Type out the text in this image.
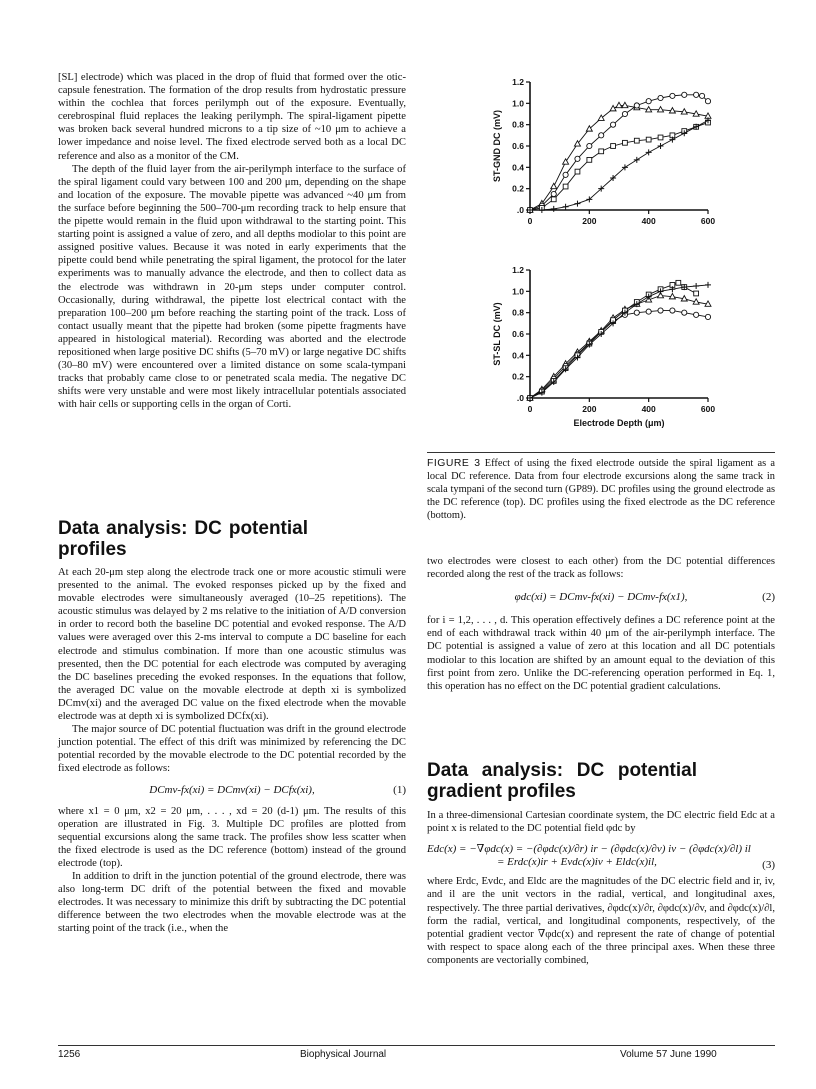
[SL] electrode) which was placed in the drop of fluid that formed over the otic-capsule fenestration. The formation of the drop results from hydrostatic pressure within the cochlea that forces perilymph out of the exposure. Eventually, cerebrospinal fluid replaces the leaking perilymph. The spiral-ligament pipette was broken back several hundred microns to a tip size of ~10 μm to achieve a lower impedance and noise level. The fixed electrode served both as a local DC reference and also as a monitor of the CM.

The depth of the fluid layer from the air-perilymph interface to the surface of the spiral ligament could vary between 100 and 200 μm, depending on the shape and location of the exposure. The movable pipette was advanced ~40 μm from the surface before beginning the 500–700-μm recording track to help ensure that the pipette would remain in the fluid upon withdrawal to the starting point. This starting point is assigned a value of zero, and all depths modiolar to this point are assigned positive values. Because it was noted in early experiments that the pipette could bend while penetrating the spiral ligament, the protocol for the later experiments was to manually advance the electrode, and then to collect data as the electrode was withdrawn in 20-μm steps under computer control. Occasionally, during withdrawal, the pipette lost electrical contact with the preparation 100–200 μm before reaching the starting point of the track. Loss of contact usually meant that the pipette had broken (some pipette fragments have appeared in histological material). Recording was aborted and the electrode repositioned when large positive DC shifts (5–70 mV) or large negative DC shifts (30–80 mV) were encountered over a limited distance on some scala-tympani tracks that probably came close to or penetrated scala media. The negative DC shifts were very unstable and were most likely intracellular potentials associated with hair cells or supporting cells in the organ of Corti.

Data analysis: DC potential profiles

At each 20-μm step along the electrode track one or more acoustic stimuli were presented to the animal. The evoked responses picked up by the fixed and movable electrodes were simultaneously averaged (10–25 repetitions). The acoustic stimulus was delayed by 2 ms relative to the initiation of A/D conversion in order to record both the baseline DC potential and evoked response. The A/D values were averaged over this 2-ms interval to compute a DC baseline for each electrode and stimulus combination. If more than one acoustic stimulus was presented, then the DC potential for each electrode was computed by averaging the DC baselines preceding the evoked responses. In the equations that follow, the averaged DC value on the movable electrode at depth xi is symbolized DCmv(xi) and the averaged DC value on the fixed electrode when the movable electrode was at depth xi is symbolized DCfx(xi).

The major source of DC potential fluctuation was drift in the ground electrode junction potential. The effect of this drift was minimized by referencing the DC potential recorded by the movable electrode to the DC potential recorded by the fixed electrode as follows:

DCmv-fx(xi) = DCmv(xi) − DCfx(xi),	(1)

where x1 = 0 μm, x2 = 20 μm, . . . , xd = 20 (d-1) μm. The results of this operation are illustrated in Fig. 3. Multiple DC profiles are plotted from sequential excursions along the same track. The profiles show less scatter when the fixed electrode is used as the DC reference (bottom) instead of the ground electrode (top).

In addition to drift in the junction potential of the ground electrode, there was also long-term DC drift of the potential between the fixed and movable electrodes. It was necessary to minimize this drift by subtracting the DC potential difference between the two electrodes when the movable electrode was at the starting point of the track (i.e., when the

.0
0.2
0.4
0.6
0.8
1.0
1.2
0	200	400	600
ST-GND DC (mV)
.0
0.2
0.4
0.6
0.8
1.0
1.2
0	200	400	600
ST-SL DC (mV)
Electrode Depth (μm)
FIGURE 3 Effect of using the fixed electrode outside the spiral ligament as a local DC reference. Data from four electrode excursions along the same track in scala tympani of the second turn (GP89). DC profiles using the ground electrode as the DC reference (top). DC profiles using the fixed electrode as the DC reference (bottom).

two electrodes were closest to each other) from the DC potential differences recorded along the rest of the track as follows:

φdc(xi) = DCmv-fx(xi) − DCmv-fx(x1),	(2)

for i = 1,2, . . . , d. This operation effectively defines a DC reference point at the end of each withdrawal track within 40 μm of the air-perilymph interface. The DC potential is assigned a value of zero at this location and all DC potentials modiolar to this location are shifted by an amount equal to the deviation of this first point from zero. Unlike the DC-referencing operation performed in Eq. 1, this operation has no effect on the DC potential gradient calculations.

Data analysis: DC potential gradient profiles

In a three-dimensional Cartesian coordinate system, the DC electric field Edc at a point x is related to the DC potential field φdc by

Edc(x) = −∇φdc(x) = −(∂φdc(x)/∂r) ir − (∂φdc(x)/∂v) iv − (∂φdc(x)/∂l) il
= Erdc(x)ir + Evdc(x)iv + Eldc(x)il,	(3)

where Erdc, Evdc, and Eldc are the magnitudes of the DC electric field and ir, iv, and il are the unit vectors in the radial, vertical, and longitudinal axes, respectively. The three partial derivatives, ∂φdc(x)/∂r, ∂φdc(x)/∂v, and ∂φdc(x)/∂l, form the radial, vertical, and longitudinal components, respectively, of the potential gradient vector ∇φdc(x) and represent the rate of change of potential with respect to space along each of the three principal axes. When these three components are vectorially combined,

1256	Biophysical Journal	Volume 57 June 1990
